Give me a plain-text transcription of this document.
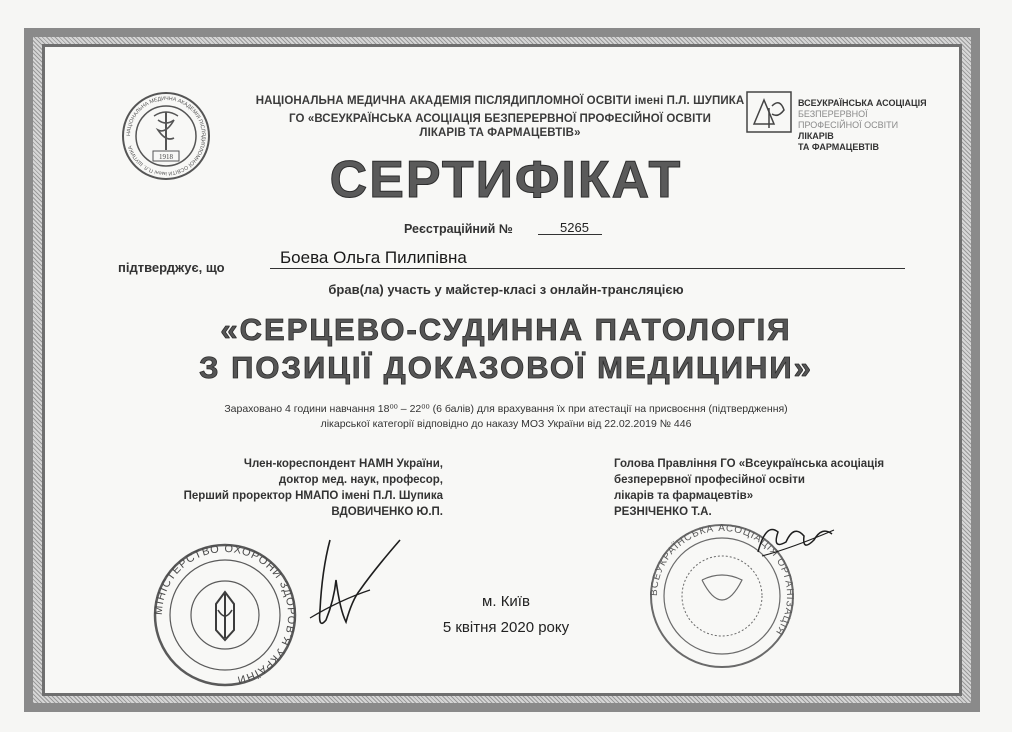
НАЦІОНАЛЬНА МЕДИЧНА АКАДЕМІЯ ПІСЛЯДИПЛОМНОЇ ОСВІТИ імені П.Л. ШУПИКА
1918
НАЦІОНАЛЬНА МЕДИЧНА АКАДЕМІЯ ПІСЛЯДИПЛОМНОЇ ОСВІТИ імені П.Л. ШУПИКА
ГО «ВСЕУКРАЇНСЬКА АСОЦІАЦІЯ БЕЗПЕРЕРВНОЇ ПРОФЕСІЙНОЇ ОСВІТИ
ЛІКАРІВ ТА ФАРМАЦЕВТІВ»
ВСЕУКРАЇНСЬКА АСОЦІАЦІЯ
БЕЗПЕРЕРВНОЇ
ПРОФЕСІЙНОЇ ОСВІТИ
ЛІКАРІВ
ТА ФАРМАЦЕВТІВ
СЕРТИФІКАТ
Реєстраційний №	5265
підтверджує, що
Боева Ольга Пилипівна
брав(ла) участь у майстер-класі з онлайн-трансляцією
«СЕРЦЕВО-СУДИННА ПАТОЛОГІЯ
З ПОЗИЦІЇ ДОКАЗОВОЇ МЕДИЦИНИ»
Зараховано 4 години навчання 18⁰⁰ – 22⁰⁰ (6 балів) для врахування їх при атестації на присвоєння (підтвердження)
лікарської категорії відповідно до наказу МОЗ України від 22.02.2019 № 446
Член-кореспондент НАМН України,
доктор мед. наук, професор,
Перший проректор НМАПО імені П.Л. Шупика
ВДОВИЧЕНКО Ю.П.
Голова Правління ГО «Всеукраїнська асоціація
безперервної професійної освіти
лікарів та фармацевтів»
РЕЗНІЧЕНКО Т.А.
МІНІСТЕРСТВО ОХОРОНИ ЗДОРОВ'Я УКРАЇНИ
ВСЕУКРАЇНСЬКА АСОЦІАЦІЯ ОРГАНІЗАЦІЯ
м. Київ
5 квітня 2020 року
